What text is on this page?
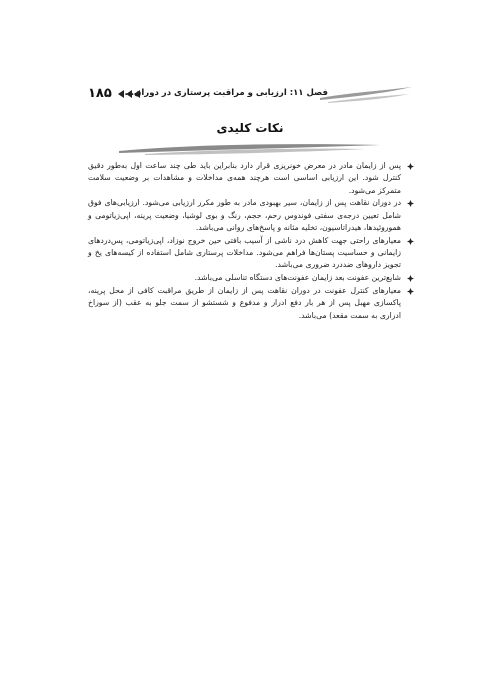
۱۸۵ فصل ۱۱: ارزیابی و مراقبت پرستاری در دوران...
نکات کلیدی
پس از زایمان مادر در معرض خونریزی قرار دارد بنابراین باید طی چند ساعت اول به‌طور دقیق کنترل شود. این ارزیابی اساسی است هرچند همه‌ی مداخلات و مشاهدات بر وضعیت سلامت متمرکز می‌شود.
در دوران نقاهت پس از زایمان، سیر بهبودی مادر به طور مکرر ارزیابی می‌شود. ارزیابی‌های فوق شامل تعیین درجه‌ی سفتی فوندوس رحم، حجم، رنگ و بوی لوشیا، وضعیت پرینه، اپی‌زیاتومی و هموروئیدها، هیدراتاسیون، تخلیه مثانه و پاسخ‌های روانی می‌باشد.
معیارهای راحتی جهت کاهش درد ناشی از آسیب بافتی حین خروج نوزاد، اپی‌زیاتومی، پس‌دردهای زایمانی و حساسیت پستان‌ها فراهم می‌شود. مداخلات پرستاری شامل استفاده از کیسه‌های یخ و تجویز داروهای ضددرد ضروری می‌باشد.
شایع‌ترین عفونت بعد زایمان عفونت‌های دستگاه تناسلی می‌باشد.
معیارهای کنترل عفونت در دوران نقاهت پس از زایمان از طریق مراقبت کافی از محل پرینه، پاکسازی مهبل پس از هر بار دفع ادرار و مدفوع و شستشو از سمت جلو به عقب (از سوراخ ادراری به سمت مقعد) می‌باشد.
